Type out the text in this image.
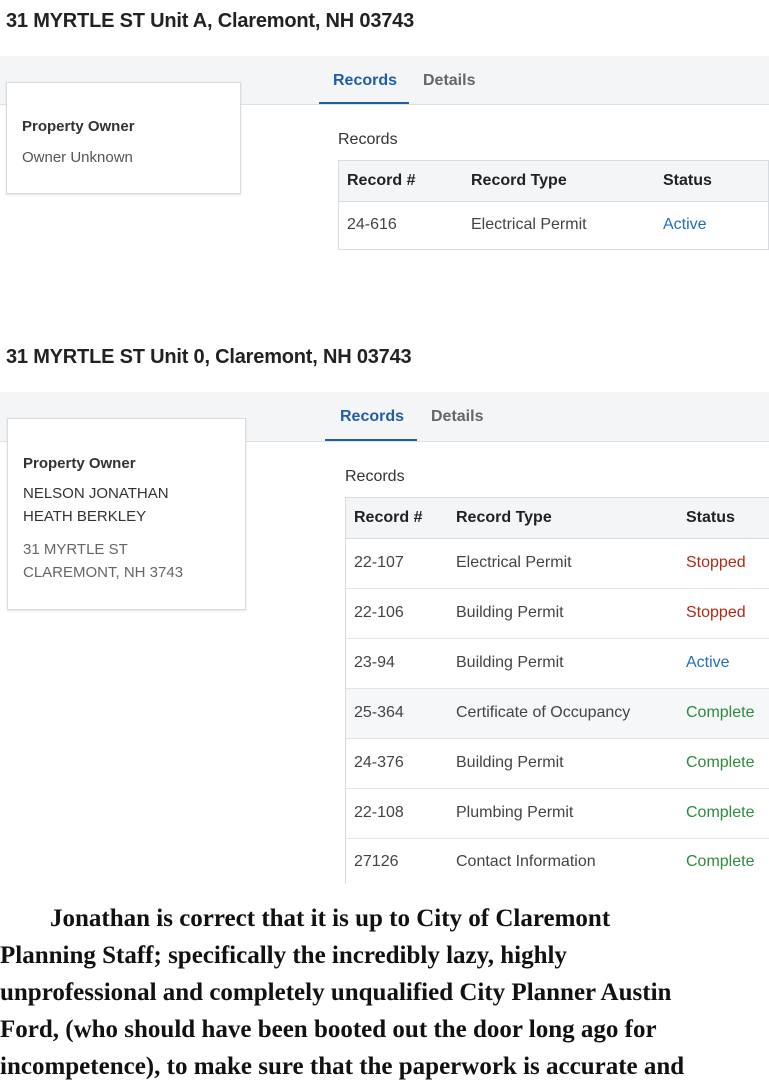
31 MYRTLE ST Unit A, Claremont, NH 03743
Records Details
Property Owner
Owner Unknown
Records
Record #	Record Type	Status
24-616	Electrical Permit	Active
31 MYRTLE ST Unit 0, Claremont, NH 03743
Records Details
Property Owner
NELSON JONATHAN
HEATH BERKLEY
31 MYRTLE ST
CLAREMONT, NH 3743
Records
Record #	Record Type	Status
22-107	Electrical Permit	Stopped
22-106	Building Permit	Stopped
23-94	Building Permit	Active
25-364	Certificate of Occupancy	Complete
24-376	Building Permit	Complete
22-108	Plumbing Permit	Complete
27126	Contact Information	Complete

Jonathan is correct that it is up to City of Claremont

Planning Staff; specifically the incredibly lazy, highly

unprofessional and completely unqualified City Planner Austin

Ford, (who should have been booted out the door long ago for

incompetence), to make sure that the paperwork is accurate and
